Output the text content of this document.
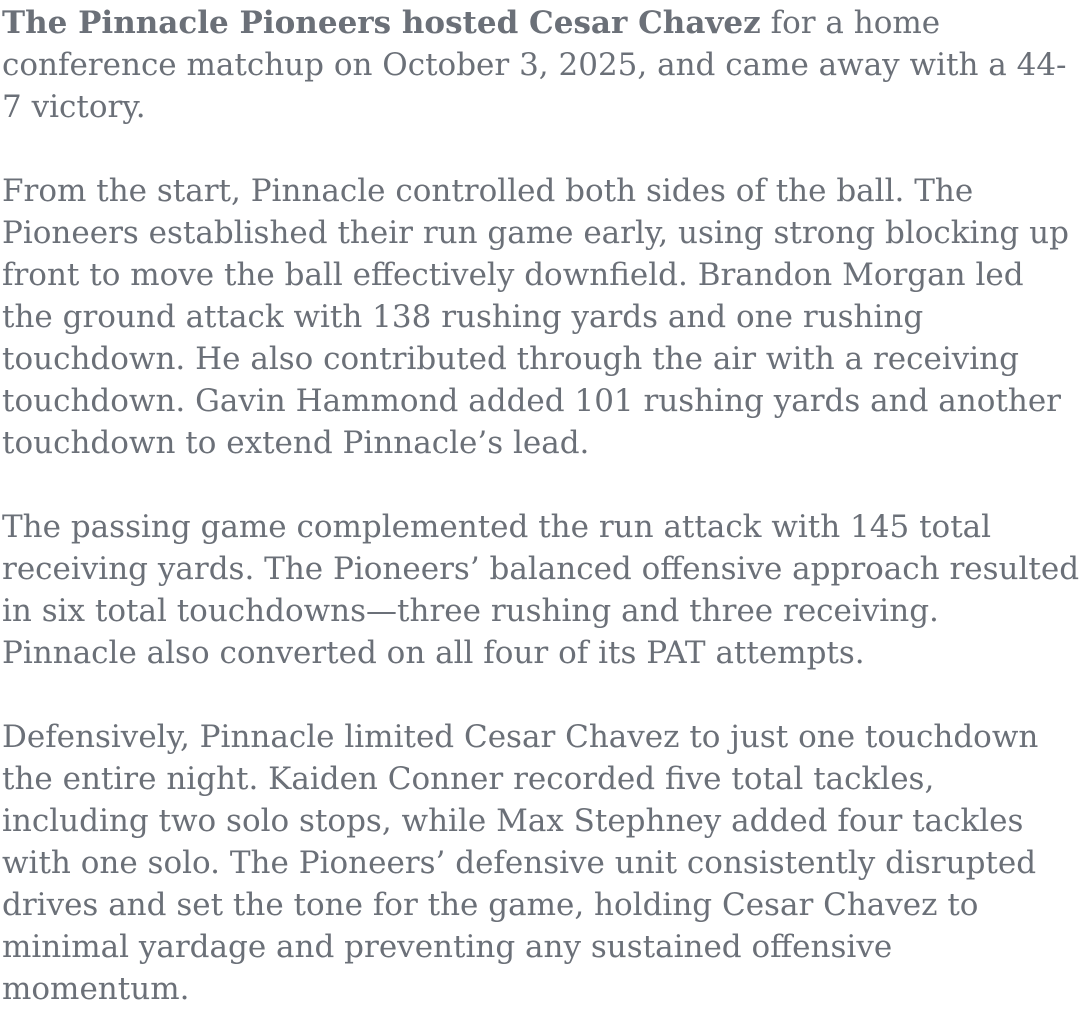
The Pinnacle Pioneers hosted Cesar Chavez for a home conference matchup on October 3, 2025, and came away with a 44-7 victory.

From the start, Pinnacle controlled both sides of the ball. The Pioneers established their run game early, using strong blocking up front to move the ball effectively downfield. Brandon Morgan led the ground attack with 138 rushing yards and one rushing touchdown. He also contributed through the air with a receiving touchdown. Gavin Hammond added 101 rushing yards and another touchdown to extend Pinnacle’s lead.

The passing game complemented the run attack with 145 total receiving yards. The Pioneers’ balanced offensive approach resulted in six total touchdowns—three rushing and three receiving. Pinnacle also converted on all four of its PAT attempts.

Defensively, Pinnacle limited Cesar Chavez to just one touchdown the entire night. Kaiden Conner recorded five total tackles, including two solo stops, while Max Stephney added four tackles with one solo. The Pioneers’ defensive unit consistently disrupted drives and set the tone for the game, holding Cesar Chavez to minimal yardage and preventing any sustained offensive momentum.
